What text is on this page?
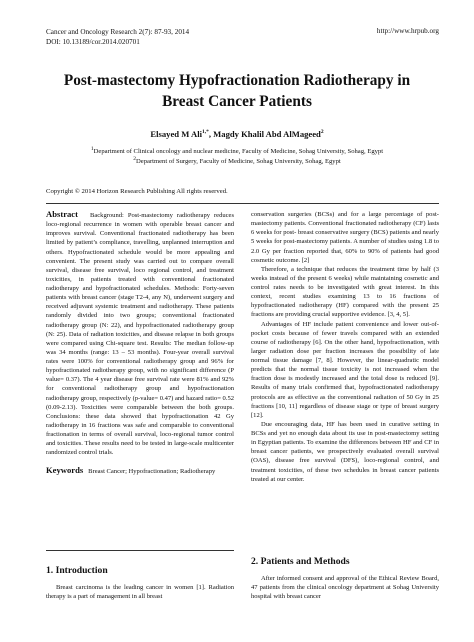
Cancer and Oncology Research 2(7): 87-93, 2014
DOI: 10.13189/cor.2014.020701
http://www.hrpub.org
Post-mastectomy Hypofractionation Radiotherapy in
Breast Cancer Patients
Elsayed M Ali$^{1,*}$, Magdy Khalil Abd AlMageed$^2$
$^1$Department of Clinical oncology and nuclear medicine, Faculty of Medicine, Sohag University, Sohag, Egypt
$^2$Department of Surgery, Faculty of Medicine, Sohag University, Sohag, Egypt
Copyright © 2014 Horizon Research Publishing All rights reserved.

Abstract Background: Post-mastectomy radiotherapy reduces loco-regional recurrence in women with operable breast cancer and improves survival. Conventional fractionated radiotherapy has been limited by patient’s compliance, travelling, unplanned interruption and others. Hypofractionated schedule would be more appealing and convenient. The present study was carried out to compare overall survival, disease free survival, loco regional control, and treatment toxicities, in patients treated with conventional fractionated radiotherapy and hypofractionated schedules. Methods: Forty-seven patients with breast cancer (stage T2-4, any N), underwent surgery and received adjuvant systemic treatment and radiotherapy. These patients randomly divided into two groups; conventional fractionated radiotherapy group (N: 22), and hypofractionated radiotherapy group (N: 25). Data of radiation toxicities, and disease relapse in both groups were compared using Chi-square test. Results: The median follow-up was 34 months (range: 13 – 53 months). Four-year overall survival rates were 100% for conventional radiotherapy group and 96% for hypofractionated radiotherapy group, with no significant difference (P value= 0.37). The 4 year disease free survival rate were 81% and 92% for conventional radiotherapy group and hypofractionation radiotherapy group, respectively (p-value= 0.47) and hazard ratio= 0.52 (0.09-2.13). Toxicities were comparable between the both groups. Conclusions: these data showed that hypofractionation 42 Gy radiotherapy in 16 fractions was safe and comparable to conventional fractionation in terms of overall survival, loco-regional tumor control and toxicities. These results need to be tested in large-scale multicenter randomized control trials.

Keywords Breast Cancer; Hypofractionation; Radiotherapy

1. Introduction

Breast carcinoma is the leading cancer in women [1]. Radiation therapy is a part of management in all breast

conservation surgeries (BCSs) and for a large percentage of post-mastectomy patients. Conventional fractionated radiotherapy (CF) lasts 6 weeks for post- breast conservative surgery (BCS) patients and nearly 5 weeks for post-mastectomy patients. A number of studies using 1.8 to 2.0 Gy per fraction reported that, 60% to 90% of patients had good cosmetic outcome. [2]

Therefore, a technique that reduces the treatment time by half (3 weeks instead of the present 6 weeks) while maintaining cosmetic and control rates needs to be investigated with great interest. In this context, recent studies examining 13 to 16 fractions of hypofractionated radiotherapy (HF) compared with the present 25 fractions are providing crucial supportive evidence. [3, 4, 5].

Advantages of HF include patient convenience and lower out-of- pocket costs because of fewer travels compared with an extended course of radiotherapy [6]. On the other hand, hypofractionation, with larger radiation dose per fraction increases the possibility of late normal tissue damage [7, 8]. However, the linear-quadratic model predicts that the normal tissue toxicity is not increased when the fraction dose is modestly increased and the total dose is reduced [9]. Results of many trials confirmed that, hypofractionated radiotherapy protocols are as effective as the conventional radiation of 50 Gy in 25 fractions [10, 11] regardless of disease stage or type of breast surgery [12].

Due encouraging data, HF has been used in curative setting in BCSs and yet no enough data about its use in post-mastectomy setting in Egyptian patients. To examine the differences between HF and CF in breast cancer patients, we prospectively evaluated overall survival (OAS), disease free survival (DFS), loco-regional control, and treatment toxicities, of these two schedules in breast cancer patients treated at our center.

2. Patients and Methods

After informed consent and approval of the Ethical Review Board, 47 patients from the clinical oncology department at Sohag University hospital with breast cancer
